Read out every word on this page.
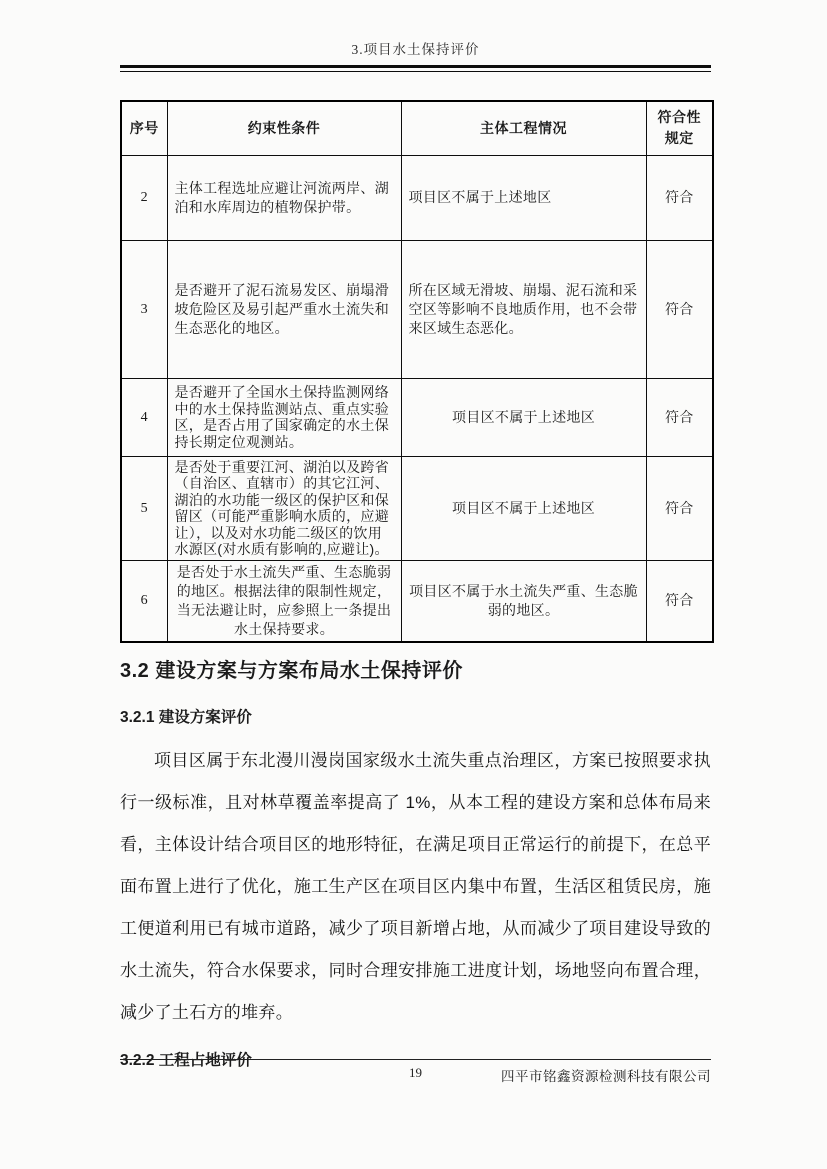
3.项目水土保持评价
序号	约束性条件	主体工程情况	符合性规定
2	主体工程选址应避让河流两岸、湖泊和水库周边的植物保护带。	项目区不属于上述地区	符合
3	是否避开了泥石流易发区、崩塌滑坡危险区及易引起严重水土流失和生态恶化的地区。	所在区域无滑坡、崩塌、泥石流和采空区等影响不良地质作用，也不会带来区域生态恶化。	符合
4	是否避开了全国水土保持监测网络中的水土保持监测站点、重点实验区，是否占用了国家确定的水土保持长期定位观测站。	项目区不属于上述地区	符合
5	是否处于重要江河、湖泊以及跨省（自治区、直辖市）的其它江河、湖泊的水功能一级区的保护区和保留区（可能严重影响水质的，应避让），以及对水功能二级区的饮用水源区(对水质有影响的,应避让)。	项目区不属于上述地区	符合
6	是否处于水土流失严重、生态脆弱的地区。根据法律的限制性规定，当无法避让时，应参照上一条提出水土保持要求。	项目区不属于水土流失严重、生态脆弱的地区。	符合
3.2 建设方案与方案布局水土保持评价
3.2.1 建设方案评价

项目区属于东北漫川漫岗国家级水土流失重点治理区，方案已按照要求执行一级标准，且对林草覆盖率提高了 1%，从本工程的建设方案和总体布局来看，主体设计结合项目区的地形特征，在满足项目正常运行的前提下，在总平面布置上进行了优化，施工生产区在项目区内集中布置，生活区租赁民房，施工便道利用已有城市道路，减少了项目新增占地，从而减少了项目建设导致的水土流失，符合水保要求，同时合理安排施工进度计划，场地竖向布置合理，减少了土石方的堆弃。

3.2.2 工程占地评价
19	四平市铭鑫资源检测科技有限公司
